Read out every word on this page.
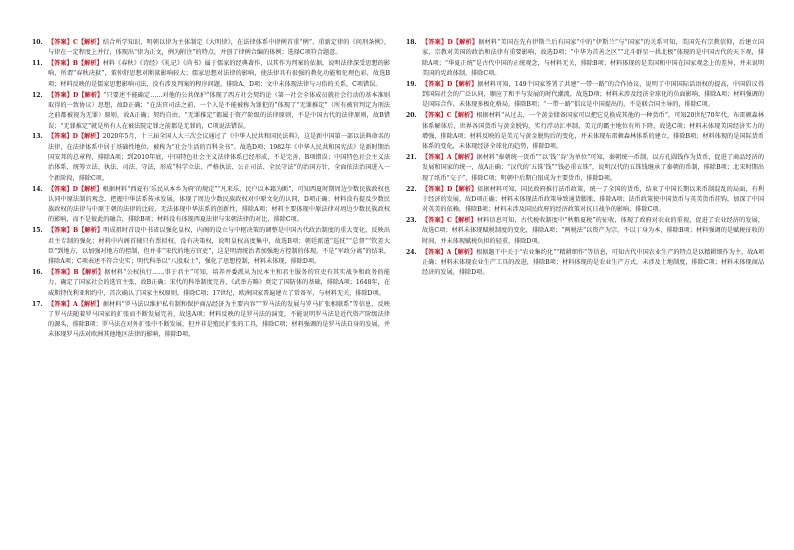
10. 【答案】C【解析】结合所学知识，明朝以律为主体制定《大明律》，在法律体系中律例首重“例”，重新定律的《问刑条例》，与律在一定程度上并行，体现出“律为正文，例为附注”的特点，并创了律例合编的体例；选择C项符合题意。
11. 【答案】B【解析】材料《春秋》《诗经》《礼记》《尚书》属于儒家的经典著作，以其作为判案的依据，说明法律深受思想的影响，所谓“春秋决狱”，董仲舒思想对断狱影响较大；儒家思想对法律的影响，使法律具有很强的教化功能和伦理色彩，故选B项；材料反映的是儒家思想影响司法，没有涉及判案的程序问题，排除A、D项；文中未体现法律与习俗的关系，C项错误。
12. 【答案】D【解析】“只要述不能确定……对他的公共保护”体现了西方社会契约论（第一社会全体成员就社会行动的基本准则取得的一致协议）思想，故D正确；“在法官司法之前，一个人是不能被称为罪犯的”体现了“无罪推定”（所有被官判定为刑法之前都被视为无罪）原则，故A正确；契约自由、“无罪推定”都属于资产阶级的法律原则，不是中国古代的法律原则，故B错误；“无罪推定”就是所有人在被法院定罪之前都是无罪的，C项说法错误。
13. 【答案】D【解析】2020年5月，十三届全国人大三次会议通过了《中华人民共和国民法典》，这是新中国第一部以法典命名的法律，在法律体系中居于基础性地位，被称为“社会生活的百科全书”。故选D项；1982年《中华人民共和国宪法》是新时期治国安邦的总章程，排除A项；到2010年底，中国特色社会主义法律体系已经形成，不是完善，B项错误；中国特色社会主义法治体系，统筹立法、执法、司法、守法，形成“科学立法、严格执法、公正司法、全民守法”的治国方针，全面依法治国进入一个新阶段，排除C项。
14. 【答案】D【解析】根据材料“西夏有‘乐民从本乡为府’的规定”“凡来乐、民户以本籍为断”，可知西夏时期周边少数民族政权也认同中原法制的观念，把握中华法系传承发展，体现了周边少数民族政权对中原文化的认同，D项正确；材料没有提及少数民族政权的法律与中原王朝的法律的比较，无法体现中华法系的创新性，排除A项；材料主要体现中原法律对周边少数民族政权的影响，而不是彼此的融合，排除B项；材料没有体现西夏法律与宋朝法律的对比，排除C项。
15. 【答案】B【解析】明成祖时首设中书省以强化皇权，内阁的设立与中枢决策的调整是中国古代政治制度的重大变化，反映出君主专制的强化；材料中内阁首辅只有票拟权，没有决策权，说明皇权高度集中，故选B项；朝廷派遣“巡抚”“总督”“钦差大臣”到地方，以加强对地方的控制，但并非“宋代的地方官吏”，这是明清统治者加强地方控制的体现，不是“军政分离”的结果，排除A项；C项表述不符合史实；明代科举以“八股取士”，强化了思想控制，材料未体现，排除D项。
16. 【答案】B【解析】据材料“公权执行……事于君主”可知，培养并委派从为民本主和君主服务的官吏有其实战争和政务的能力，确定了国家社会的选官主张，故B正确；宋代的科举制度完善，《武举方略》奠定了国防体的基础，排除A项；1648年，在威斯特伐利亚和约中，首次确认了国家主权原则，排除C项；17世纪，欧洲国家普遍建立了常备军，与材料无关，排除D项。
17. 【答案】A【解析】据材料“罗马法以维护私有制和保护商品经济为主要内容”“罗马法的发展与罗马扩张相联系”等信息，反映了罗马法随着罗马国家的扩张而不断发展完善，故选A项；材料反映的是罗马法的演变，不能说明罗马法是近代资产阶级法律的源头，排除B项；罗马法在对外扩张中不断发展，但并非是殖民扩张的工具，排除C项；材料强调的是罗马法自身的发展，并未体现罗马法对欧洲其他地区法律的影响，排除D项。
18. 【答案】D【解析】据材料“美国在先有伊斯兰后有国家”中的“伊斯兰”与“国家”的关系可知，美国先有宗教信仰，后建立国家，宗教对美国的政治和法律有重要影响，故选D项；“中华为首善之区”“北斗群星一拱北极”体现的是中国古代的天下观，排除A项；“华夏正统”是古代中国的正统观念，与材料无关，排除B项；材料体现的是美国和中国在国家观念上的差异，并未说明美国的宪政体制，排除C项。
19. 【答案】D【解析】据材料可知，149个国家签署了共建“一带一路”的合作协议，说明了中国国际话语权的提高，中国倡议得到国际社会的广泛认同，顺应了和平与发展的时代潮流，故选D项；材料未涉及经济全球化的负面影响，排除A项；材料强调的是国际合作，未体现多极化格局，排除B项；“一带一路”倡议是中国提出的，不是联合国主导的，排除C项。
20. 【答案】C【解析】根据材料“从过去，一个黄金储备国家可以把它兑换成其他的一种货币”，可知20世纪70年代，布雷顿森林体系解体后，世界各国货币与黄金脱钩，实行浮动汇率制，美元的霸主地位有所下降，故选C项；材料未体现美国经济实力的增强，排除A项；材料反映的是美元与黄金脱钩后的变化，并未体现布雷顿森林体系的建立，排除B项；材料体现的是国际货币体系的变化，未体现经济全球化的趋势，排除D项。
21. 【答案】A【解析】据材料“秦朝统一货币”“以‘钱’‘谷’为单位”可知，秦朝统一币制，以方孔圆钱作为货币，促进了商品经济的发展和国家的统一，故A正确；“汉代的‘五铢’钱”“钱必重五铢”，说明汉代的五铢钱继承了秦朝的币制，排除B项；北宋时期出现了纸币“交子”，排除C项；明朝中后期白银成为主要货币，排除D项。
22. 【答案】D【解析】依据材料可知，国民政府推行法币政策，统一了全国的货币，结束了中国长期以来币制混乱的局面，有利于经济的发展，故D项正确；材料未体现法币政策导致通货膨胀，排除A项；法币政策使中国货币与英美货币挂钩，加深了中国对英美的依赖，排除B项；材料未涉及国民政府的经济政策对抗日战争的影响，排除C项。
23. 【答案】C【解析】材料信息可知，古代税收制度中“秋粮夏税”的征收，体现了政府对农业的重视，促进了农业经济的发展，故选C项；材料未体现赋税制度的变化，排除A项；“两税法”以资产为宗，不以丁身为本，排除B项；材料强调的是赋税征收的时间，并未体现赋税负担的轻重，排除D项。
24. 【答案】A【解析】根据题干中关于“农业集约化”“精耕细作”等信息，可知古代中国农业生产的特点是以精耕细作为主，故A项正确；材料未体现农业生产工具的改进，排除B项；材料体现的是农业生产方式，未涉及土地制度，排除C项；材料未体现商品经济的发展，排除D项。
